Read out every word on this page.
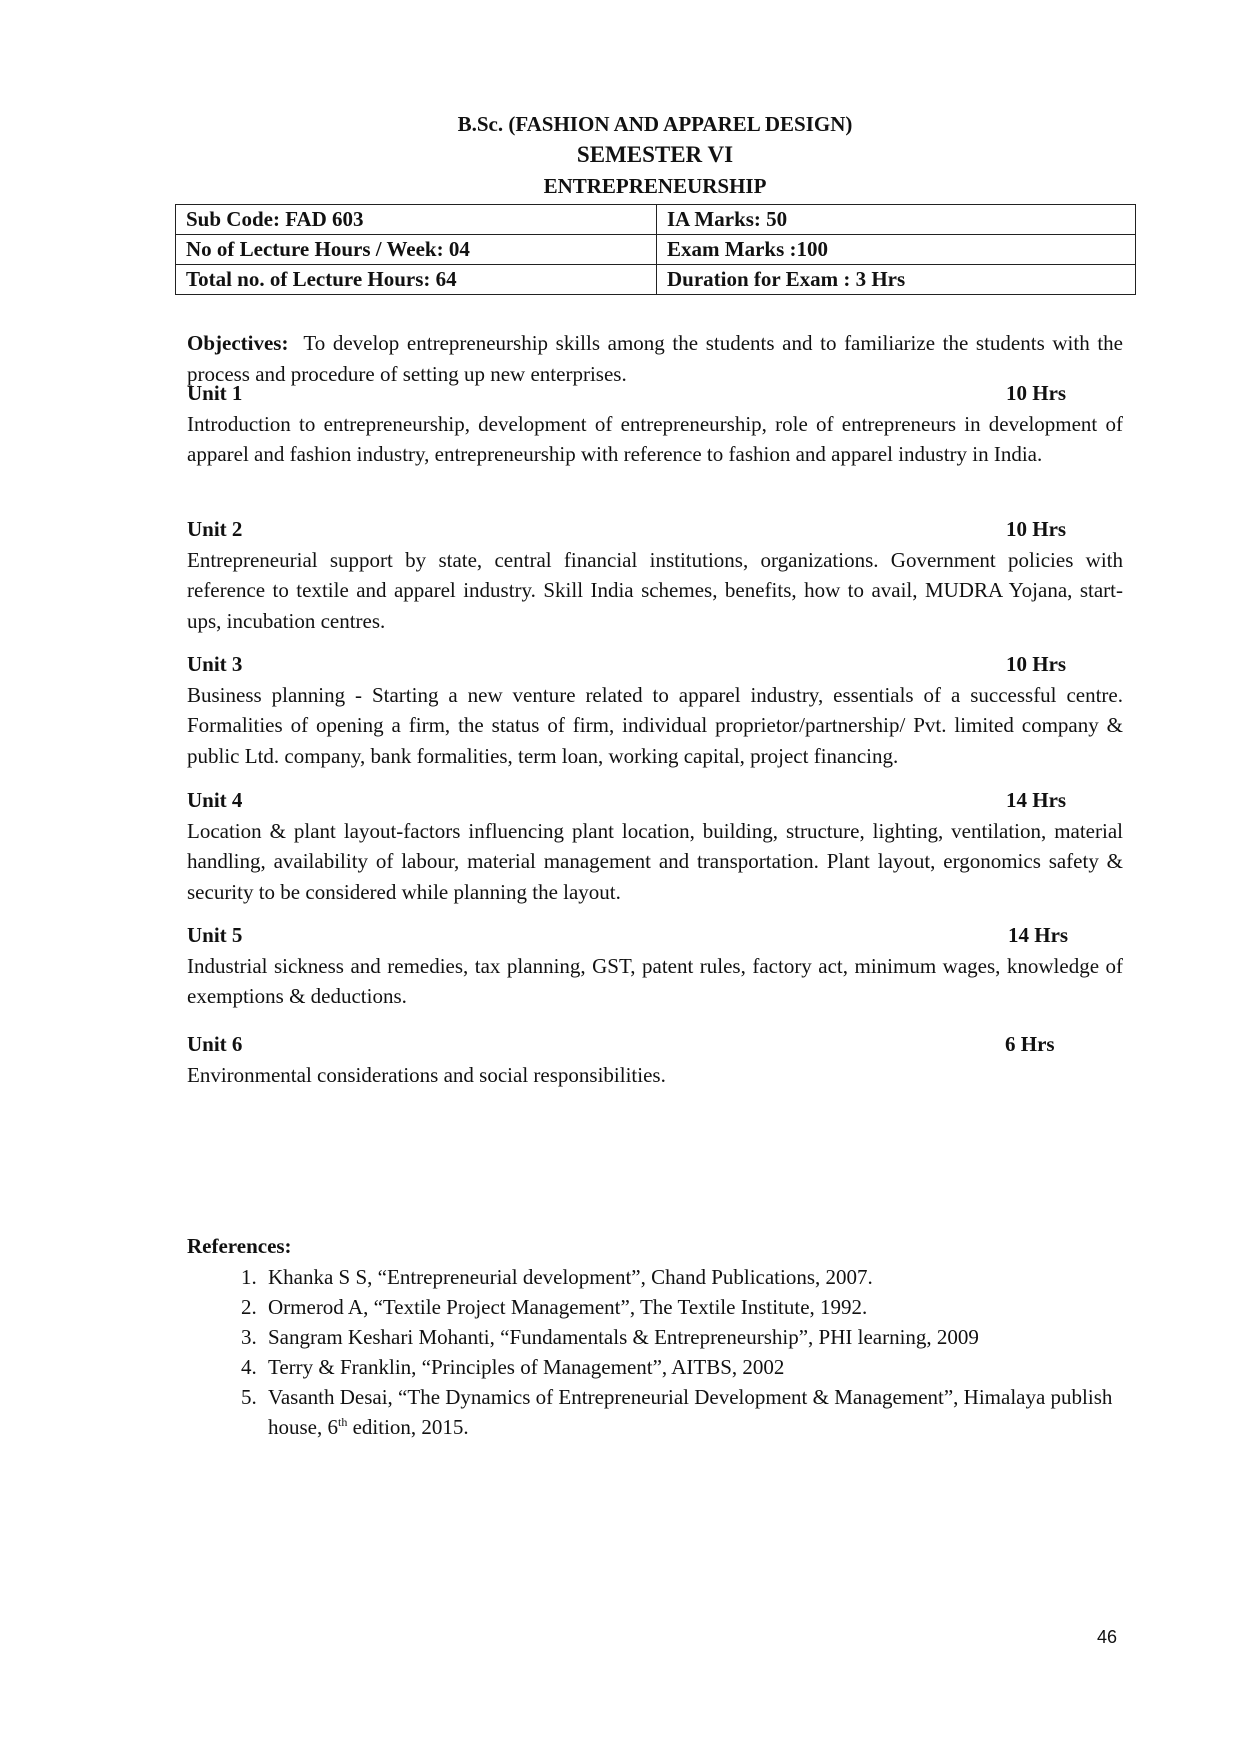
B.Sc. (FASHION AND APPAREL DESIGN)
SEMESTER VI
ENTREPRENEURSHIP
Sub Code: FAD 603	IA Marks: 50
No of Lecture Hours / Week: 04	Exam Marks :100
Total no. of Lecture Hours: 64	Duration for Exam : 3 Hrs
Objectives: To develop entrepreneurship skills among the students and to familiarize the students with the process and procedure of setting up new enterprises.
Unit 1	10 Hrs
Introduction to entrepreneurship, development of entrepreneurship, role of entrepreneurs in development of apparel and fashion industry, entrepreneurship with reference to fashion and apparel industry in India.
Unit 2	10 Hrs
Entrepreneurial support by state, central financial institutions, organizations. Government policies with reference to textile and apparel industry. Skill India schemes, benefits, how to avail, MUDRA Yojana, start-ups, incubation centres.
Unit 3	10 Hrs
Business planning - Starting a new venture related to apparel industry, essentials of a successful centre. Formalities of opening a firm, the status of firm, individual proprietor/partnership/ Pvt. limited company & public Ltd. company, bank formalities, term loan, working capital, project financing.
Unit 4	14 Hrs
Location & plant layout-factors influencing plant location, building, structure, lighting, ventilation, material handling, availability of labour, material management and transportation. Plant layout, ergonomics safety & security to be considered while planning the layout.
Unit 5	14 Hrs
Industrial sickness and remedies, tax planning, GST, patent rules, factory act, minimum wages, knowledge of exemptions & deductions.
Unit 6	6 Hrs
Environmental considerations and social responsibilities.
References:
1. Khanka S S, “Entrepreneurial development”, Chand Publications, 2007.
2. Ormerod A, “Textile Project Management”, The Textile Institute, 1992.
3. Sangram Keshari Mohanti, “Fundamentals & Entrepreneurship”, PHI learning, 2009
4. Terry & Franklin, “Principles of Management”, AITBS, 2002
5. Vasanth Desai, “The Dynamics of Entrepreneurial Development & Management”, Himalaya publish house, 6th edition, 2015.
46
